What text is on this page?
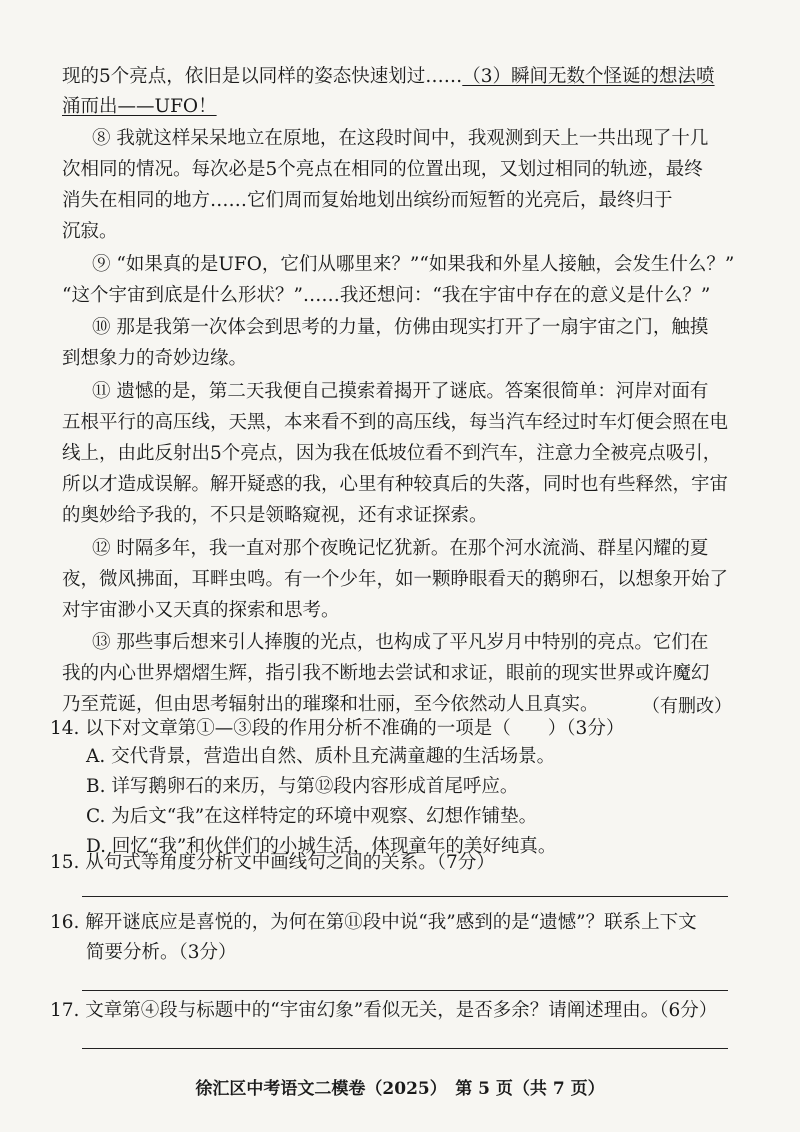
现的5个亮点，依旧是以同样的姿态快速划过……（3）瞬间无数个怪诞的想法喷
涌而出——UFO！
⑧ 我就这样呆呆地立在原地，在这段时间中，我观测到天上一共出现了十几
次相同的情况。每次必是5个亮点在相同的位置出现，又划过相同的轨迹，最终
消失在相同的地方……它们周而复始地划出缤纷而短暂的光亮后，最终归于
沉寂。
⑨ “如果真的是UFO，它们从哪里来？”“如果我和外星人接触，会发生什么？”
“这个宇宙到底是什么形状？”……我还想问：“我在宇宙中存在的意义是什么？”
⑩ 那是我第一次体会到思考的力量，仿佛由现实打开了一扇宇宙之门，触摸
到想象力的奇妙边缘。
⑪ 遗憾的是，第二天我便自己摸索着揭开了谜底。答案很简单：河岸对面有
五根平行的高压线，天黑，本来看不到的高压线，每当汽车经过时车灯便会照在电
线上，由此反射出5个亮点，因为我在低坡位看不到汽车，注意力全被亮点吸引，
所以才造成误解。解开疑惑的我，心里有种较真后的失落，同时也有些释然，宇宙
的奥妙给予我的，不只是领略窥视，还有求证探索。
⑫ 时隔多年，我一直对那个夜晚记忆犹新。在那个河水流淌、群星闪耀的夏
夜，微风拂面，耳畔虫鸣。有一个少年，如一颗睁眼看天的鹅卵石，以想象开始了
对宇宙渺小又天真的探索和思考。
⑬ 那些事后想来引人捧腹的光点，也构成了平凡岁月中特别的亮点。它们在
我的内心世界熠熠生辉，指引我不断地去尝试和求证，眼前的现实世界或许魔幻
乃至荒诞，但由思考辐射出的璀璨和壮丽，至今依然动人且真实。	（有删改）
14. 以下对文章第①—③段的作用分析不准确的一项是（　　）（3分）
A. 交代背景，营造出自然、质朴且充满童趣的生活场景。
B. 详写鹅卵石的来历，与第⑫段内容形成首尾呼应。
C. 为后文“我”在这样特定的环境中观察、幻想作铺垫。
D. 回忆“我”和伙伴们的小城生活，体现童年的美好纯真。
15. 从句式等角度分析文中画线句之间的关系。（7分）
16. 解开谜底应是喜悦的，为何在第⑪段中说“我”感到的是“遗憾”？联系上下文
简要分析。（3分）
徐汇区中考语文二模卷（2025）　第 5 页（共 7 页）
17. 文章第④段与标题中的“宇宙幻象”看似无关，是否多余？请阐述理由。（6分）
